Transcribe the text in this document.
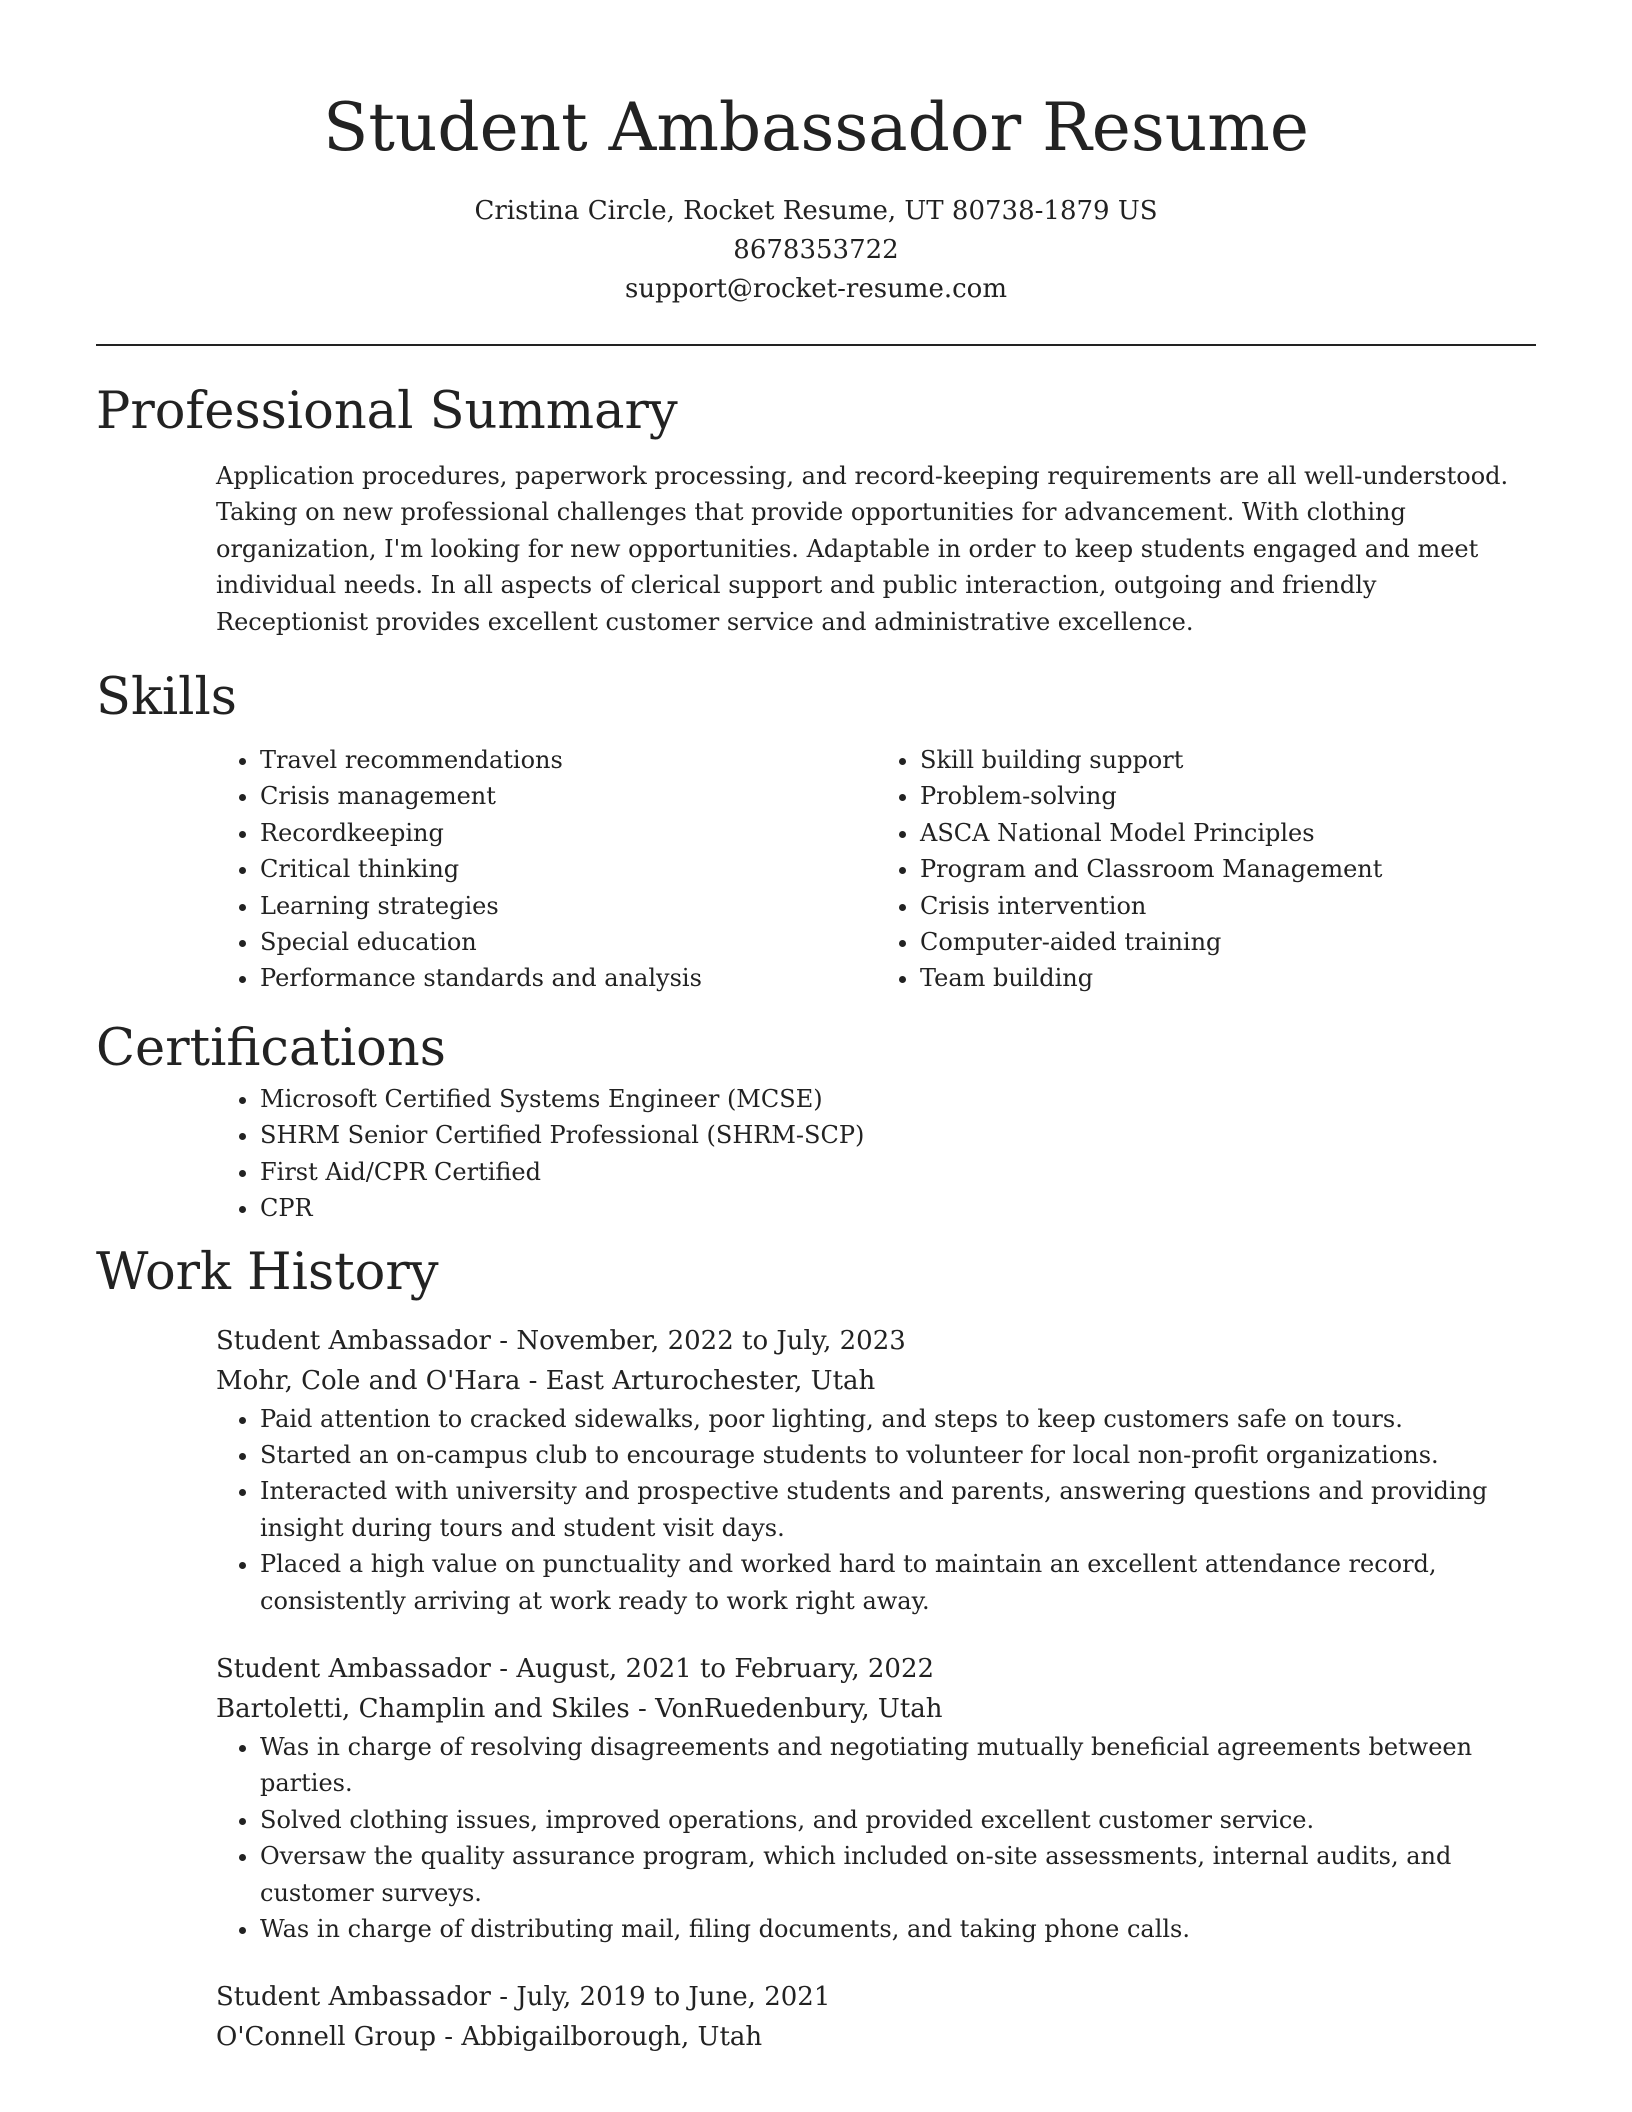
Student Ambassador Resume
Cristina Circle, Rocket Resume, UT 80738-1879 US
8678353722
support@rocket-resume.com
Professional Summary

Application procedures, paperwork processing, and record-keeping requirements are all well-understood. Taking on new professional challenges that provide opportunities for advancement. With clothing organization, I'm looking for new opportunities. Adaptable in order to keep students engaged and meet individual needs. In all aspects of clerical support and public interaction, outgoing and friendly Receptionist provides excellent customer service and administrative excellence.

Skills
• Travel recommendations
• Crisis management
• Recordkeeping
• Critical thinking
• Learning strategies
• Special education
• Performance standards and analysis
• Skill building support
• Problem-solving
• ASCA National Model Principles
• Program and Classroom Management
• Crisis intervention
• Computer-aided training
• Team building
Certifications
• Microsoft Certified Systems Engineer (MCSE)
• SHRM Senior Certified Professional (SHRM-SCP)
• First Aid/CPR Certified
• CPR
Work History

Student Ambassador - November, 2022 to July, 2023

Mohr, Cole and O'Hara - East Arturochester, Utah

• Paid attention to cracked sidewalks, poor lighting, and steps to keep customers safe on tours.
• Started an on-campus club to encourage students to volunteer for local non-profit organizations.
• Interacted with university and prospective students and parents, answering questions and providing insight during tours and student visit days.
• Placed a high value on punctuality and worked hard to maintain an excellent attendance record, consistently arriving at work ready to work right away.

Student Ambassador - August, 2021 to February, 2022

Bartoletti, Champlin and Skiles - VonRuedenbury, Utah

• Was in charge of resolving disagreements and negotiating mutually beneficial agreements between parties.
• Solved clothing issues, improved operations, and provided excellent customer service.
• Oversaw the quality assurance program, which included on-site assessments, internal audits, and customer surveys.
• Was in charge of distributing mail, filing documents, and taking phone calls.

Student Ambassador - July, 2019 to June, 2021

O'Connell Group - Abbigailborough, Utah
